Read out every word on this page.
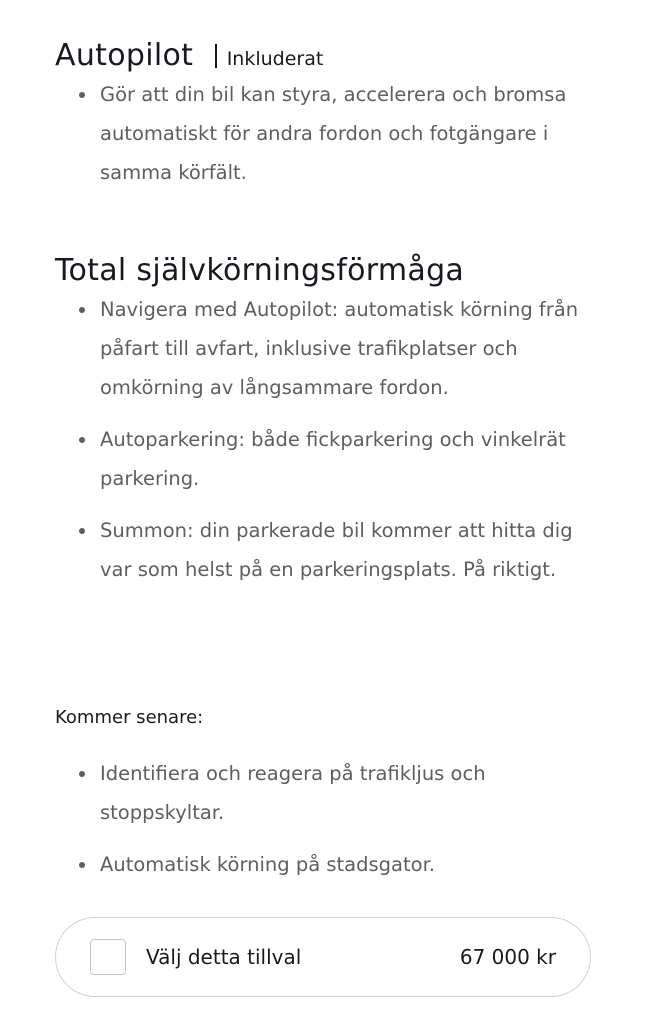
Autopilot Inkluderat
Gör att din bil kan styra, accelerera och bromsa automatiskt för andra fordon och fotgängare i samma körfält.
Total självkörningsförmåga
Navigera med Autopilot: automatisk körning från påfart till avfart, inklusive trafikplatser och omkörning av långsammare fordon.
Autoparkering: både fickparkering och vinkelrät parkering.
Summon: din parkerade bil kommer att hitta dig var som helst på en parkeringsplats. På riktigt.
Kommer senare:
Identifiera och reagera på trafikljus och stoppskyltar.
Automatisk körning på stadsgator.
Välj detta tillval	67 000 kr
